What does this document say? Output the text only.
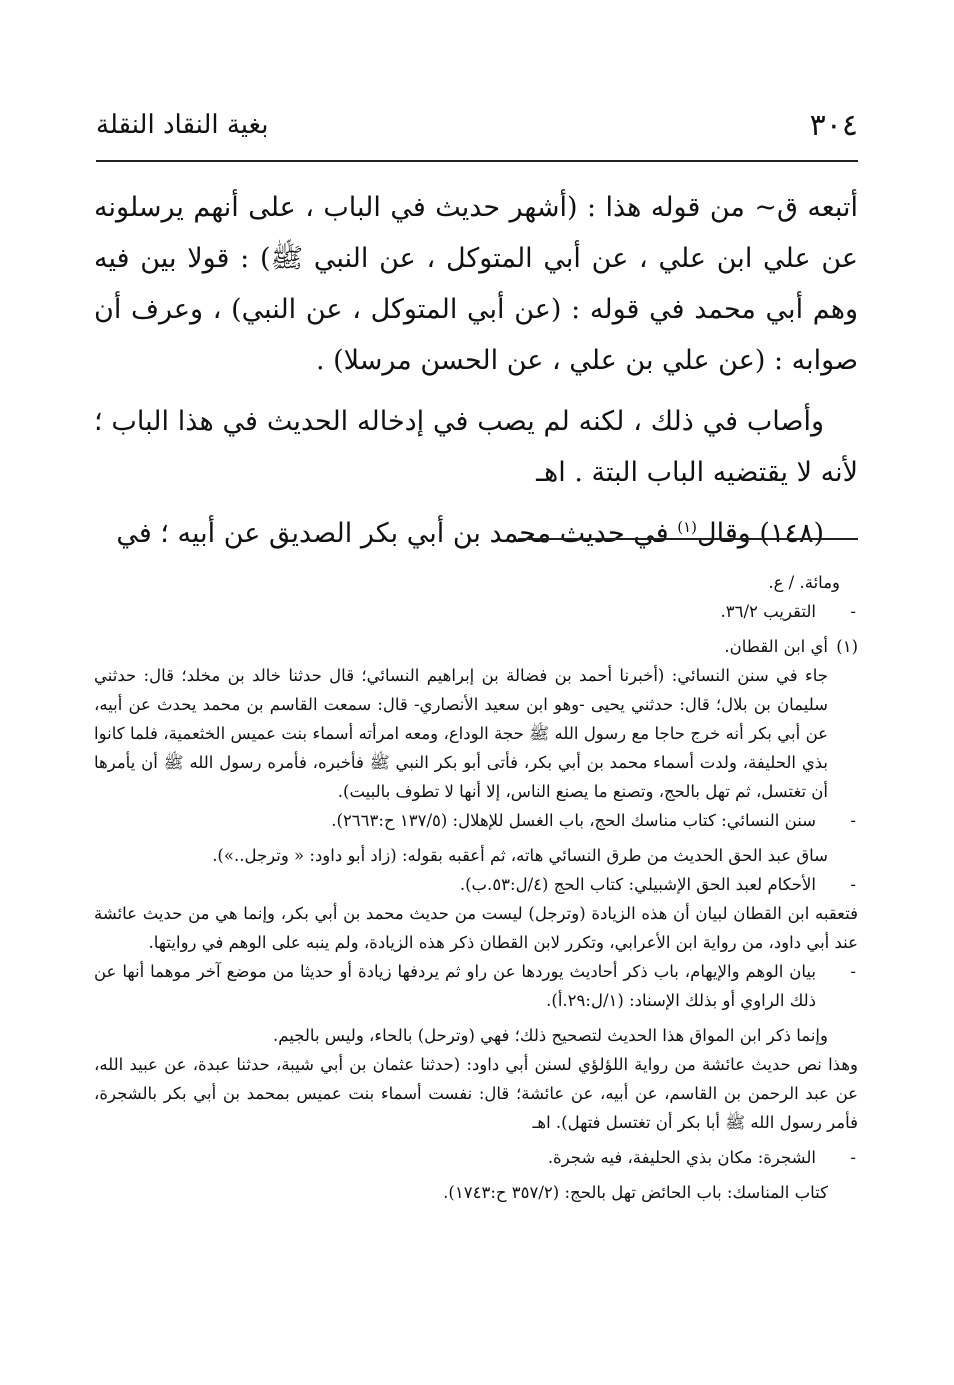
٣٠٤
بغية النقاد النقلة

أتبعه ق~ من قوله هذا : (أشهر حديث في الباب ، على أنهم يرسلونه عن علي ابن علي ، عن أبي المتوكل ، عن النبي ﷺ) : قولا بين فيه وهم أبي محمد في قوله : (عن أبي المتوكل ، عن النبي) ، وعرف أن صوابه : (عن علي بن علي ، عن الحسن مرسلا) .

وأصاب في ذلك ، لكنه لم يصب في إدخاله الحديث في هذا الباب ؛ لأنه لا يقتضيه الباب البتة . اهـ

(١٤٨) وقال$^{(١)}$ في حديث محمد بن أبي بكر الصديق عن أبيه ؛ في

ومائة. / ع.
-
التقريب ٣٦/٢.
(١)
أي ابن القطان.
جاء في سنن النسائي: (أخبرنا أحمد بن فضالة بن إبراهيم النسائي؛ قال حدثنا خالد بن مخلد؛ قال: حدثني سليمان بن بلال؛ قال: حدثني يحيى -وهو ابن سعيد الأنصاري- قال: سمعت القاسم بن محمد يحدث عن أبيه، عن أبي بكر أنه خرج حاجا مع رسول الله ﷺ حجة الوداع، ومعه امرأته أسماء بنت عميس الخثعمية، فلما كانوا بذي الحليفة، ولدت أسماء محمد بن أبي بكر، فأتى أبو بكر النبي ﷺ فأخبره، فأمره رسول الله ﷺ أن يأمرها أن تغتسل، ثم تهل بالحج، وتصنع ما يصنع الناس، إلا أنها لا تطوف بالبيت).
-
سنن النسائي: كتاب مناسك الحج، باب الغسل للإهلال: (١٣٧/٥ ح:٢٦٦٣).
ساق عبد الحق الحديث من طرق النسائي هاته، ثم أعقبه بقوله: (زاد أبو داود: « وترجل..»).
-
الأحكام لعبد الحق الإشبيلي: كتاب الحج (٤/ل:٥٣.ب).
فتعقبه ابن القطان لبيان أن هذه الزيادة (وترجل) ليست من حديث محمد بن أبي بكر، وإنما هي من حديث عائشة عند أبي داود، من رواية ابن الأعرابي، وتكرر لابن القطان ذكر هذه الزيادة، ولم ينبه على الوهم في روايتها.
-
بيان الوهم والإيهام، باب ذكر أحاديث يوردها عن راو ثم يردفها زيادة أو حديثا من موضع آخر موهما أنها عن ذلك الراوي أو بذلك الإسناد: (١/ل:٢٩.أ).
وإنما ذكر ابن المواق هذا الحديث لتصحيح ذلك؛ فهي (وترحل) بالحاء، وليس بالجيم.
وهذا نص حديث عائشة من رواية اللؤلؤي لسنن أبي داود: (حدثنا عثمان بن أبي شيبة، حدثنا عبدة، عن عبيد الله، عن عبد الرحمن بن القاسم، عن أبيه، عن عائشة؛ قال: نفست أسماء بنت عميس بمحمد بن أبي بكر بالشجرة، فأمر رسول الله ﷺ أبا بكر أن تغتسل فتهل). اهـ
-
الشجرة: مكان بذي الحليفة، فيه شجرة.
كتاب المناسك: باب الحائض تهل بالحج: (٣٥٧/٢ ح:١٧٤٣).
